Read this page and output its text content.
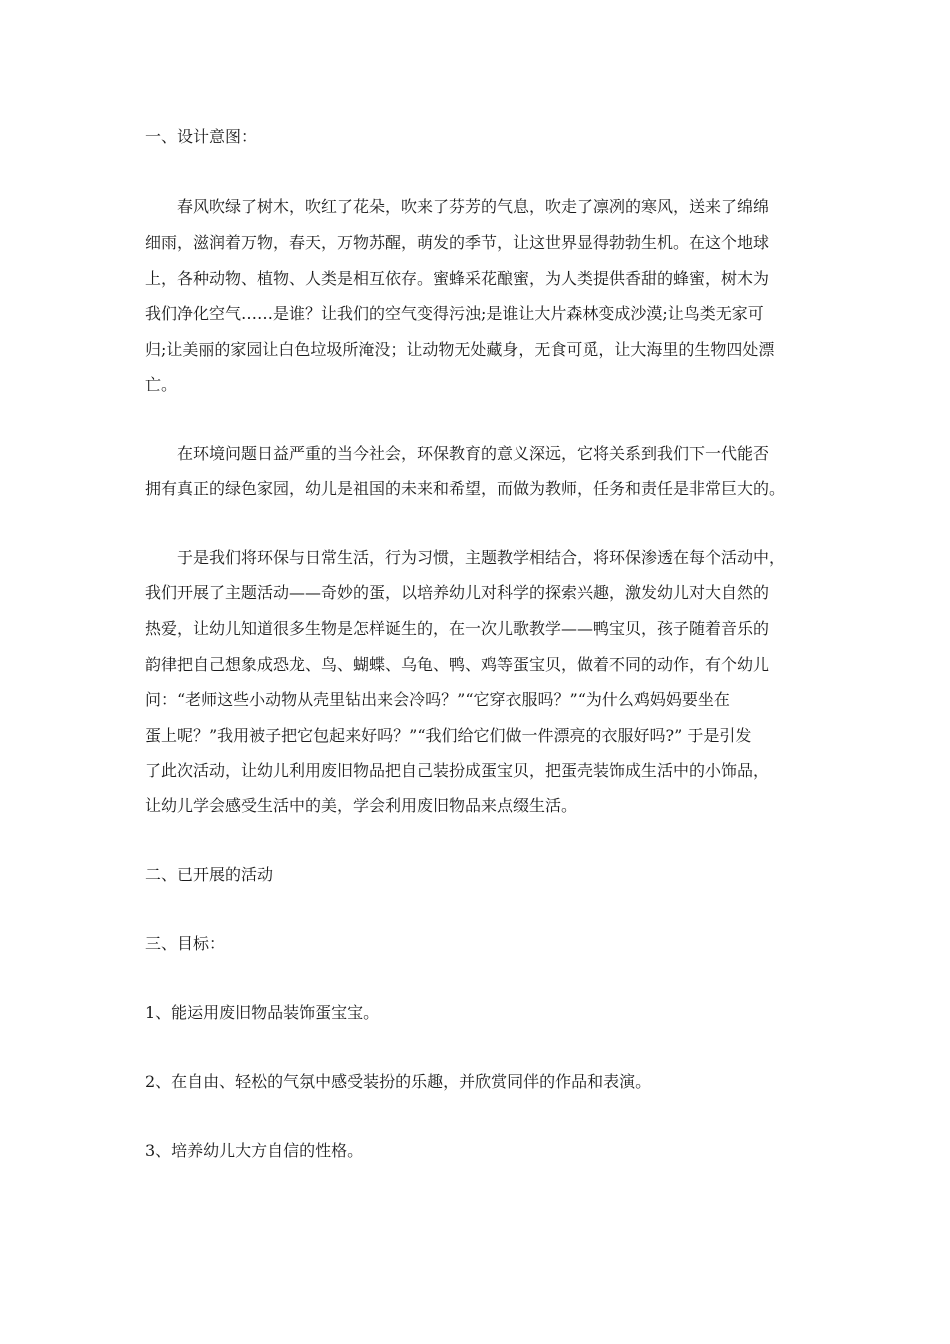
一、设计意图：
春风吹绿了树木，吹红了花朵，吹来了芬芳的气息，吹走了凛冽的寒风，送来了绵绵
细雨，滋润着万物，春天，万物苏醒，萌发的季节，让这世界显得勃勃生机。在这个地球
上，各种动物、植物、人类是相互依存。蜜蜂采花酿蜜，为人类提供香甜的蜂蜜，树木为
我们净化空气……是谁？让我们的空气变得污浊;是谁让大片森林变成沙漠;让鸟类无家可
归;让美丽的家园让白色垃圾所淹没；让动物无处藏身，无食可觅，让大海里的生物四处漂
亡。
在环境问题日益严重的当今社会，环保教育的意义深远，它将关系到我们下一代能否
拥有真正的绿色家园，幼儿是祖国的未来和希望，而做为教师，任务和责任是非常巨大的。
于是我们将环保与日常生活，行为习惯，主题教学相结合，将环保渗透在每个活动中，
我们开展了主题活动——奇妙的蛋，以培养幼儿对科学的探索兴趣，激发幼儿对大自然的
热爱，让幼儿知道很多生物是怎样诞生的，在一次儿歌教学——鸭宝贝，孩子随着音乐的
韵律把自己想象成恐龙、鸟、蝴蝶、乌龟、鸭、鸡等蛋宝贝，做着不同的动作，有个幼儿
问：“老师这些小动物从壳里钻出来会冷吗？”“它穿衣服吗？”“为什么鸡妈妈要坐在
蛋上呢？”我用被子把它包起来好吗？”“我们给它们做一件漂亮的衣服好吗?” 于是引发
了此次活动，让幼儿利用废旧物品把自己装扮成蛋宝贝，把蛋壳装饰成生活中的小饰品，
让幼儿学会感受生活中的美，学会利用废旧物品来点缀生活。
二、已开展的活动
三、目标：
1、能运用废旧物品装饰蛋宝宝。
2、在自由、轻松的气氛中感受装扮的乐趣，并欣赏同伴的作品和表演。
3、培养幼儿大方自信的性格。
